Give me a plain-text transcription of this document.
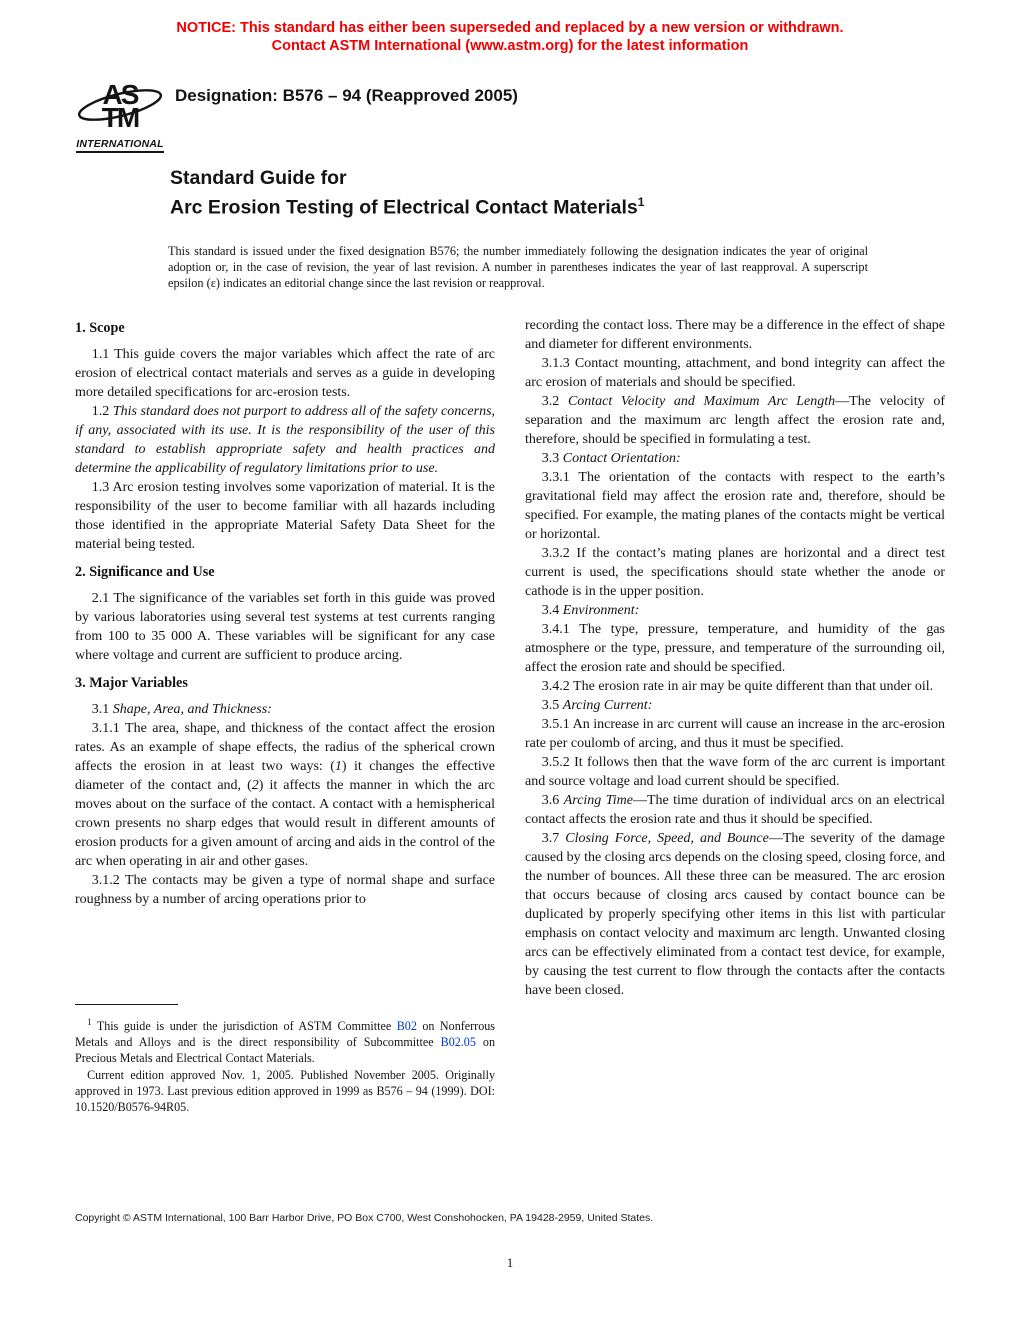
NOTICE: This standard has either been superseded and replaced by a new version or withdrawn.
Contact ASTM International (www.astm.org) for the latest information
AS
TM
INTERNATIONAL
Designation: B576 – 94 (Reapproved 2005)
Standard Guide for
Arc Erosion Testing of Electrical Contact Materials$^1$
This standard is issued under the fixed designation B576; the number immediately following the designation indicates the year of original adoption or, in the case of revision, the year of last revision. A number in parentheses indicates the year of last reapproval. A superscript epsilon (ε) indicates an editorial change since the last revision or reapproval.
1. Scope

1.1 This guide covers the major variables which affect the rate of arc erosion of electrical contact materials and serves as a guide in developing more detailed specifications for arc-erosion tests.

1.2 This standard does not purport to address all of the safety concerns, if any, associated with its use. It is the responsibility of the user of this standard to establish appropriate safety and health practices and determine the applicability of regulatory limitations prior to use.

1.3 Arc erosion testing involves some vaporization of material. It is the responsibility of the user to become familiar with all hazards including those identified in the appropriate Material Safety Data Sheet for the material being tested.

2. Significance and Use

2.1 The significance of the variables set forth in this guide was proved by various laboratories using several test systems at test currents ranging from 100 to 35 000 A. These variables will be significant for any case where voltage and current are sufficient to produce arcing.

3. Major Variables

3.1 Shape, Area, and Thickness:

3.1.1 The area, shape, and thickness of the contact affect the erosion rates. As an example of shape effects, the radius of the spherical crown affects the erosion in at least two ways: (1) it changes the effective diameter of the contact and, (2) it affects the manner in which the arc moves about on the surface of the contact. A contact with a hemispherical crown presents no sharp edges that would result in different amounts of erosion products for a given amount of arcing and aids in the control of the arc when operating in air and other gases.

3.1.2 The contacts may be given a type of normal shape and surface roughness by a number of arcing operations prior to

recording the contact loss. There may be a difference in the effect of shape and diameter for different environments.

3.1.3 Contact mounting, attachment, and bond integrity can affect the arc erosion of materials and should be specified.

3.2 Contact Velocity and Maximum Arc Length—The velocity of separation and the maximum arc length affect the erosion rate and, therefore, should be specified in formulating a test.

3.3 Contact Orientation:

3.3.1 The orientation of the contacts with respect to the earth’s gravitational field may affect the erosion rate and, therefore, should be specified. For example, the mating planes of the contacts might be vertical or horizontal.

3.3.2 If the contact’s mating planes are horizontal and a direct test current is used, the specifications should state whether the anode or cathode is in the upper position.

3.4 Environment:

3.4.1 The type, pressure, temperature, and humidity of the gas atmosphere or the type, pressure, and temperature of the surrounding oil, affect the erosion rate and should be specified.

3.4.2 The erosion rate in air may be quite different than that under oil.

3.5 Arcing Current:

3.5.1 An increase in arc current will cause an increase in the arc-erosion rate per coulomb of arcing, and thus it must be specified.

3.5.2 It follows then that the wave form of the arc current is important and source voltage and load current should be specified.

3.6 Arcing Time—The time duration of individual arcs on an electrical contact affects the erosion rate and thus it should be specified.

3.7 Closing Force, Speed, and Bounce—The severity of the damage caused by the closing arcs depends on the closing speed, closing force, and the number of bounces. All these three can be measured. The arc erosion that occurs because of closing arcs caused by contact bounce can be duplicated by properly specifying other items in this list with particular emphasis on contact velocity and maximum arc length. Unwanted closing arcs can be effectively eliminated from a contact test device, for example, by causing the test current to flow through the contacts after the contacts have been closed.

$^1$ This guide is under the jurisdiction of ASTM Committee B02 on Nonferrous Metals and Alloys and is the direct responsibility of Subcommittee B02.05 on Precious Metals and Electrical Contact Materials.

Current edition approved Nov. 1, 2005. Published November 2005. Originally approved in 1973. Last previous edition approved in 1999 as B576 – 94 (1999). DOI: 10.1520/B0576-94R05.

Copyright © ASTM International, 100 Barr Harbor Drive, PO Box C700, West Conshohocken, PA 19428-2959, United States.
1
